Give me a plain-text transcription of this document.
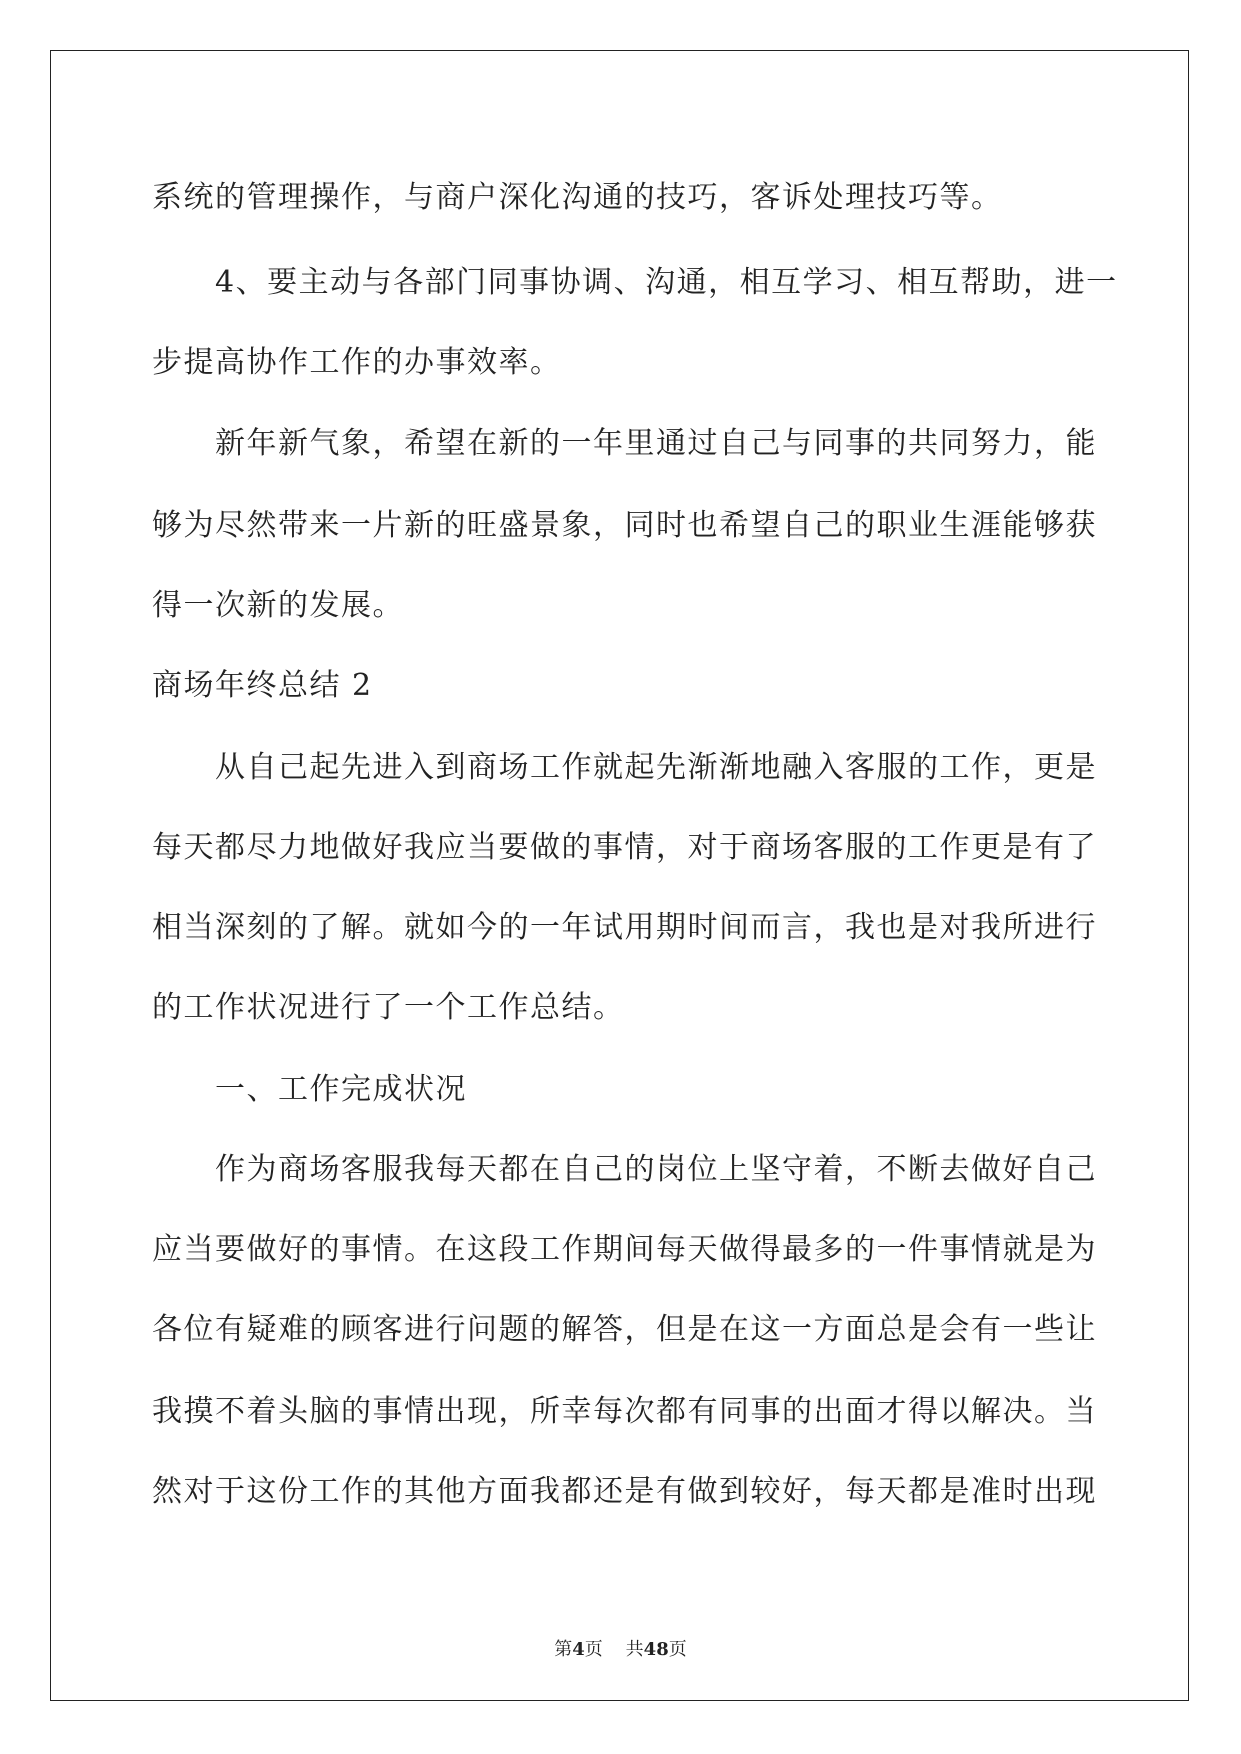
系统的管理操作，与商户深化沟通的技巧，客诉处理技巧等。
4、要主动与各部门同事协调、沟通，相互学习、相互帮助，进一
步提高协作工作的办事效率。
新年新气象，希望在新的一年里通过自己与同事的共同努力，能
够为尽然带来一片新的旺盛景象，同时也希望自己的职业生涯能够获
得一次新的发展。
商场年终总结 2
从自己起先进入到商场工作就起先渐渐地融入客服的工作，更是
每天都尽力地做好我应当要做的事情，对于商场客服的工作更是有了
相当深刻的了解。就如今的一年试用期时间而言，我也是对我所进行
的工作状况进行了一个工作总结。
一、工作完成状况
作为商场客服我每天都在自己的岗位上坚守着，不断去做好自己
应当要做好的事情。在这段工作期间每天做得最多的一件事情就是为
各位有疑难的顾客进行问题的解答，但是在这一方面总是会有一些让
我摸不着头脑的事情出现，所幸每次都有同事的出面才得以解决。当
然对于这份工作的其他方面我都还是有做到较好，每天都是准时出现
第4页 共48页
